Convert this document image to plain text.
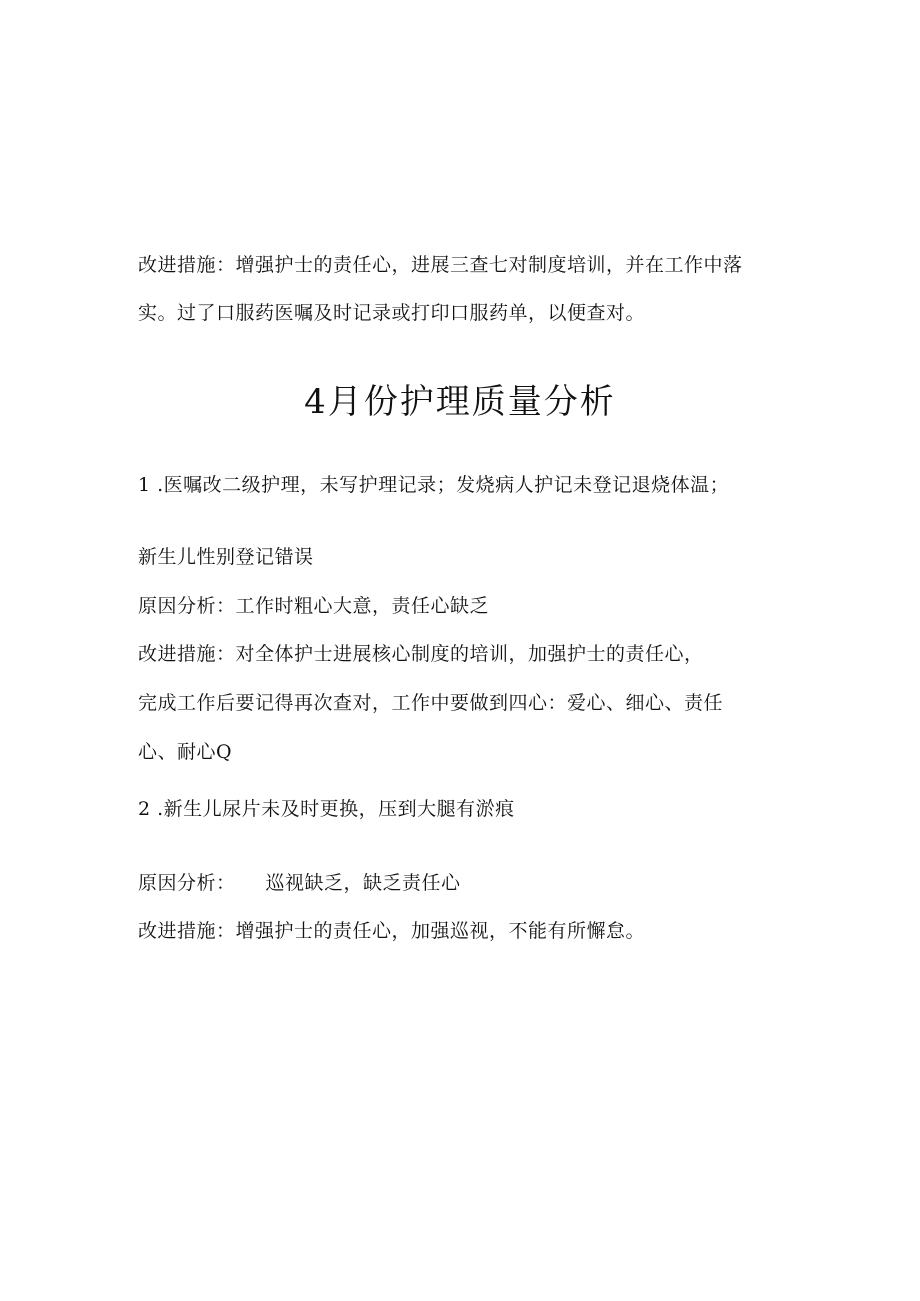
改进措施：增强护士的责任心，进展三查七对制度培训，并在工作中落
实。过了口服药医嘱及时记录或打印口服药单，以便查对。
4月份护理质量分析
1 .医嘱改二级护理，未写护理记录；发烧病人护记未登记退烧体温；
新生儿性别登记错误
原因分析：工作时粗心大意，责任心缺乏
改进措施：对全体护士进展核心制度的培训，加强护士的责任心，
完成工作后要记得再次查对，工作中要做到四心：爱心、细心、责任
心、耐心Q
2 .新生儿尿片未及时更换，压到大腿有淤痕
原因分析： 巡视缺乏，缺乏责任心
改进措施：增强护士的责任心，加强巡视，不能有所懈怠。
